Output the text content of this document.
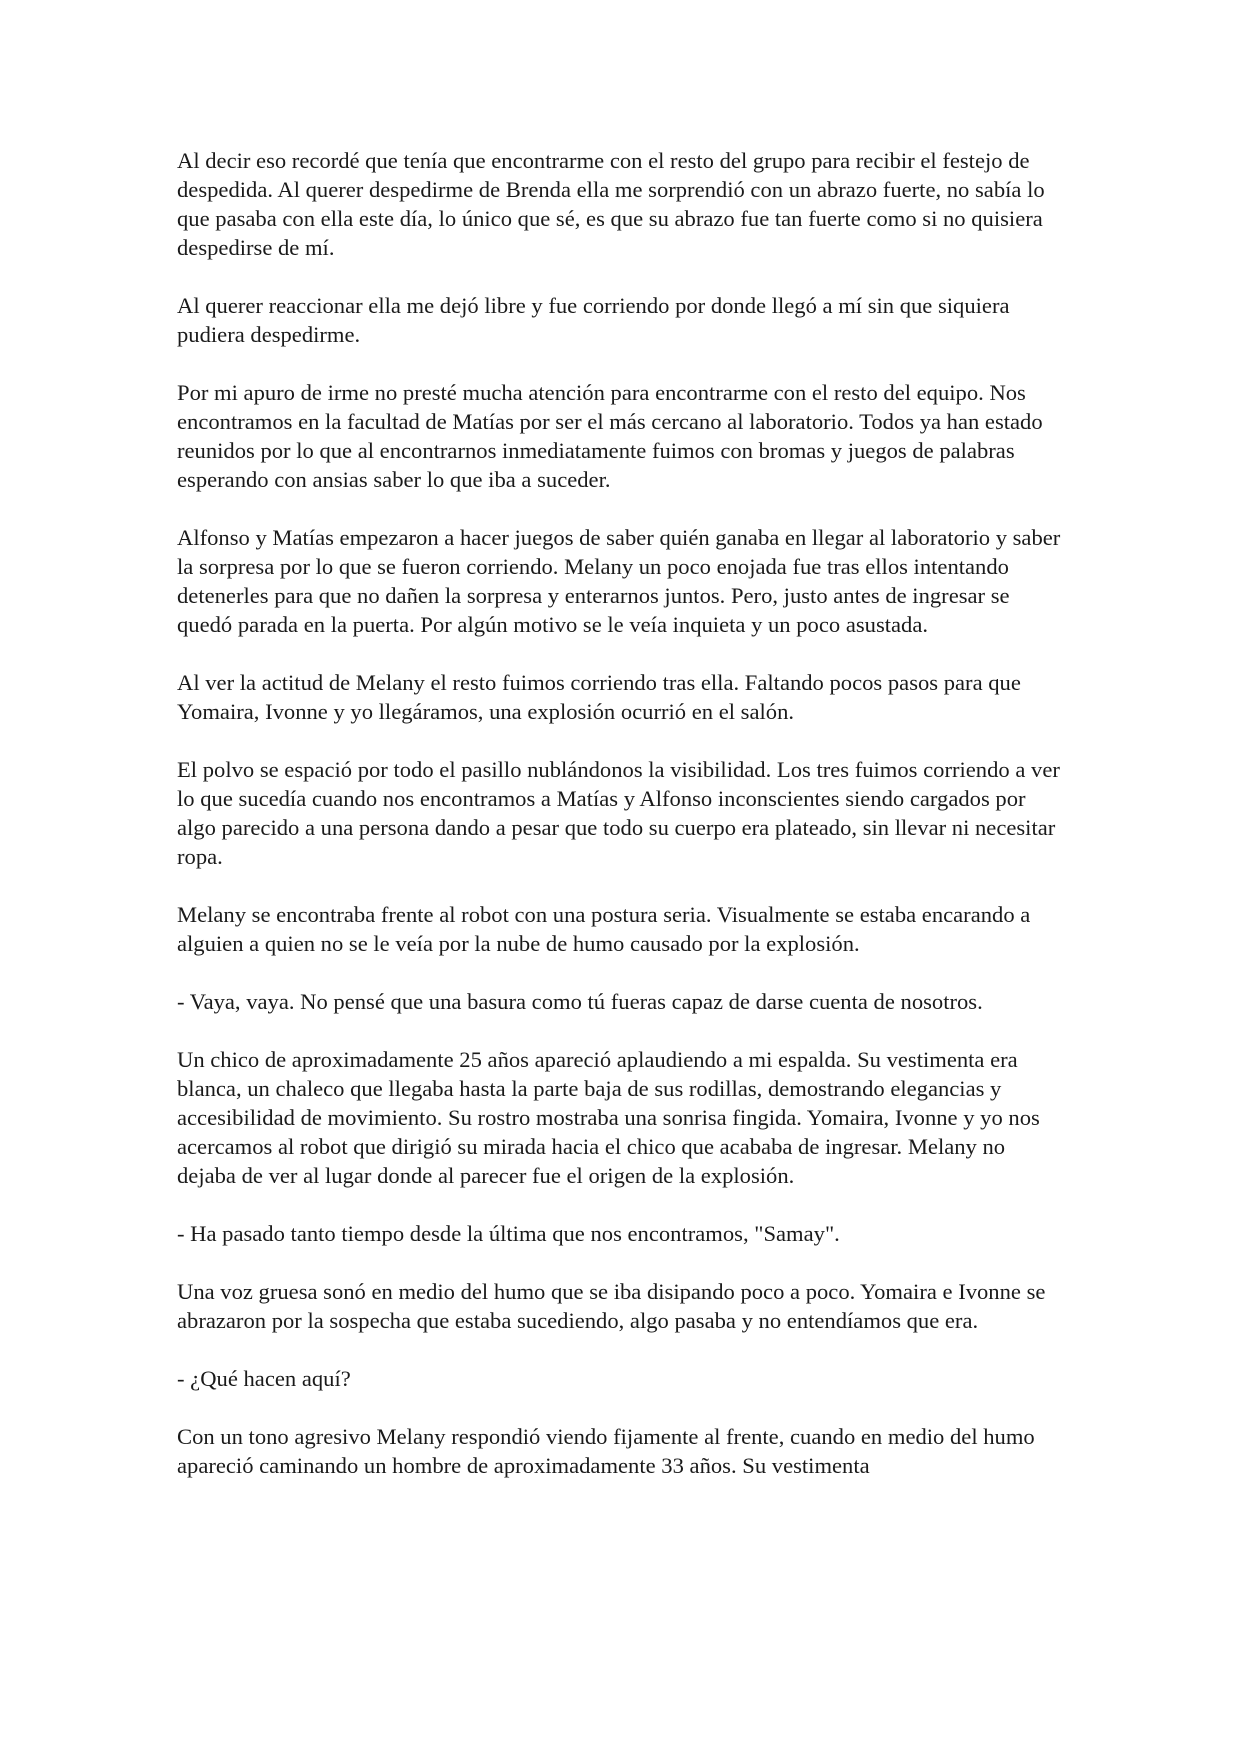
Al decir eso recordé que tenía que encontrarme con el resto del grupo para recibir el festejo de despedida. Al querer despedirme de Brenda ella me sorprendió con un abrazo fuerte, no sabía lo que pasaba con ella este día, lo único que sé, es que su abrazo fue tan fuerte como si no quisiera despedirse de mí.

Al querer reaccionar ella me dejó libre y fue corriendo por donde llegó a mí sin que siquiera pudiera despedirme.

Por mi apuro de irme no presté mucha atención para encontrarme con el resto del equipo. Nos encontramos en la facultad de Matías por ser el más cercano al laboratorio. Todos ya han estado reunidos por lo que al encontrarnos inmediatamente fuimos con bromas y juegos de palabras esperando con ansias saber lo que iba a suceder.

Alfonso y Matías empezaron a hacer juegos de saber quién ganaba en llegar al laboratorio y saber la sorpresa por lo que se fueron corriendo. Melany un poco enojada fue tras ellos intentando detenerles para que no dañen la sorpresa y enterarnos juntos. Pero, justo antes de ingresar se quedó parada en la puerta. Por algún motivo se le veía inquieta y un poco asustada.

Al ver la actitud de Melany el resto fuimos corriendo tras ella. Faltando pocos pasos para que Yomaira, Ivonne y yo llegáramos, una explosión ocurrió en el salón.

El polvo se espació por todo el pasillo nublándonos la visibilidad. Los tres fuimos corriendo a ver lo que sucedía cuando nos encontramos a Matías y Alfonso inconscientes siendo cargados por algo parecido a una persona dando a pesar que todo su cuerpo era plateado, sin llevar ni necesitar ropa.

Melany se encontraba frente al robot con una postura seria. Visualmente se estaba encarando a alguien a quien no se le veía por la nube de humo causado por la explosión.

- Vaya, vaya. No pensé que una basura como tú fueras capaz de darse cuenta de nosotros.

Un chico de aproximadamente 25 años apareció aplaudiendo a mi espalda. Su vestimenta era blanca, un chaleco que llegaba hasta la parte baja de sus rodillas, demostrando elegancias y accesibilidad de movimiento. Su rostro mostraba una sonrisa fingida. Yomaira, Ivonne y yo nos acercamos al robot que dirigió su mirada hacia el chico que acababa de ingresar. Melany no dejaba de ver al lugar donde al parecer fue el origen de la explosión.

- Ha pasado tanto tiempo desde la última que nos encontramos, "Samay".

Una voz gruesa sonó en medio del humo que se iba disipando poco a poco. Yomaira e Ivonne se abrazaron por la sospecha que estaba sucediendo, algo pasaba y no entendíamos que era.

- ¿Qué hacen aquí?

Con un tono agresivo Melany respondió viendo fijamente al frente, cuando en medio del humo apareció caminando un hombre de aproximadamente 33 años. Su vestimenta
